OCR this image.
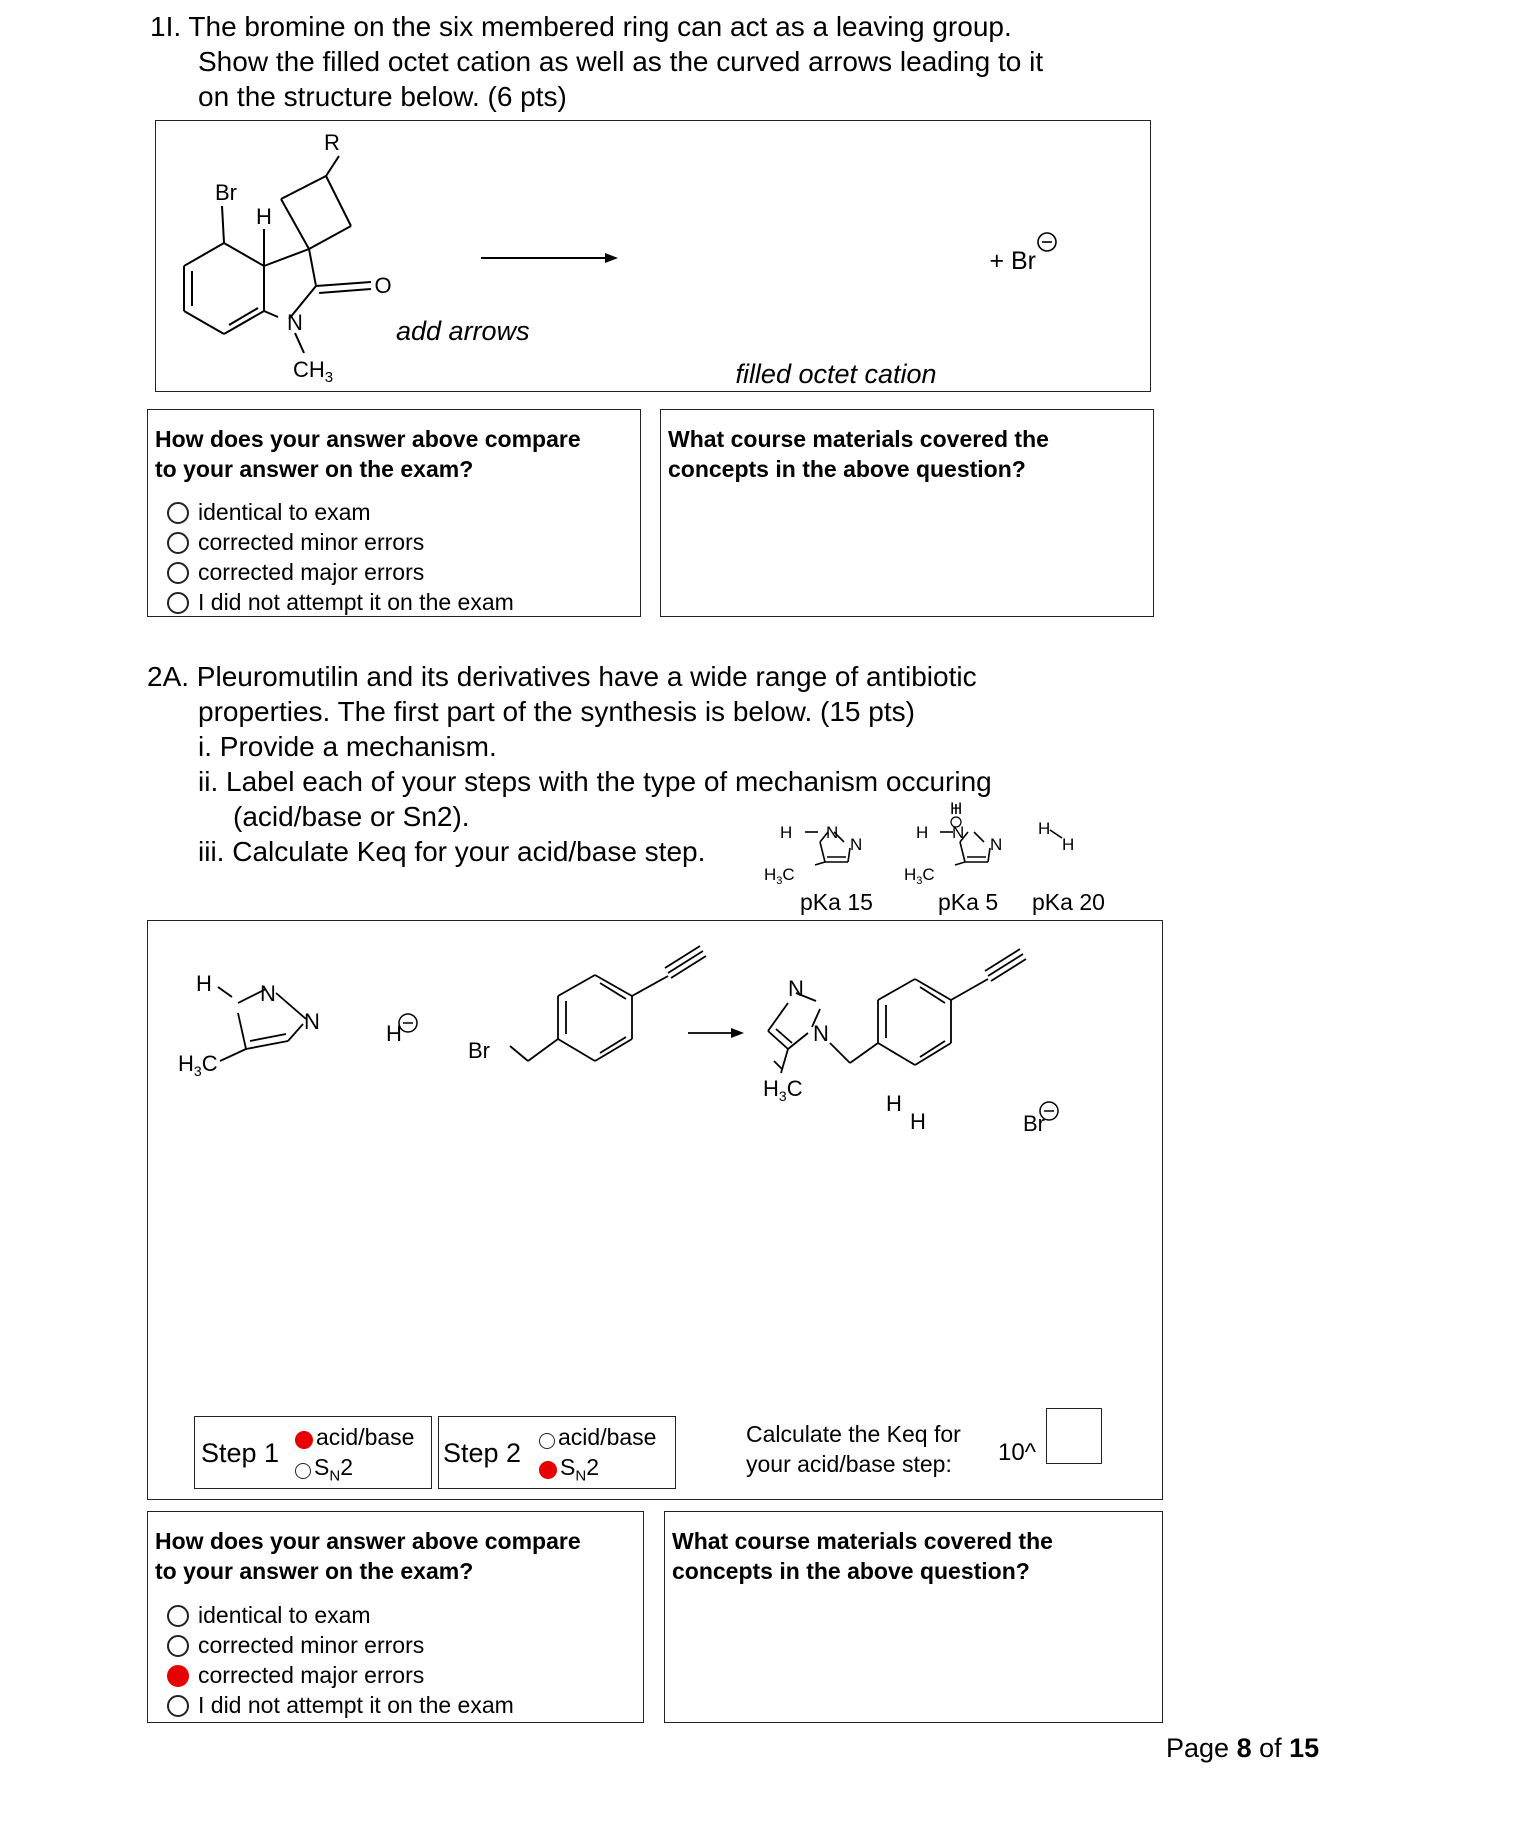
1I. The bromine on the six membered ring can act as a leaving group.
Show the filled octet cation as well as the curved arrows leading to it
on the structure below. (6 pts)
R
Br
H
O
N
$CH_3$
add arrows
+ Br
filled octet cation
How does your answer above compare
to your answer on the exam?
identical to exam
corrected minor errors
corrected major errors
I did not attempt it on the exam
What course materials covered the
concepts in the above question?
2A. Pleuromutilin and its derivatives have a wide range of antibiotic
properties. The first part of the synthesis is below. (15 pts)
i. Provide a mechanism.
ii. Label each of your steps with the type of mechanism occuring
(acid/base or Sn2).
iii. Calculate Keq for your acid/base step.
H N
N
$H_3C$
H
H N
N
$H_3C$
H
H
pKa 15	pKa 5 pKa 20
H N
N
$H_3C$
H
Br
N
N
$H_3C$
H
H	Br
Step 1
acid/base
$S_N2$	Step 2
acid/base
$S_N2$
Calculate the Keq for
your acid/base step:	10^
How does your answer above compare
to your answer on the exam?
identical to exam
corrected minor errors
corrected major errors
I did not attempt it on the exam
What course materials covered the
concepts in the above question?
Page 8 of 15
